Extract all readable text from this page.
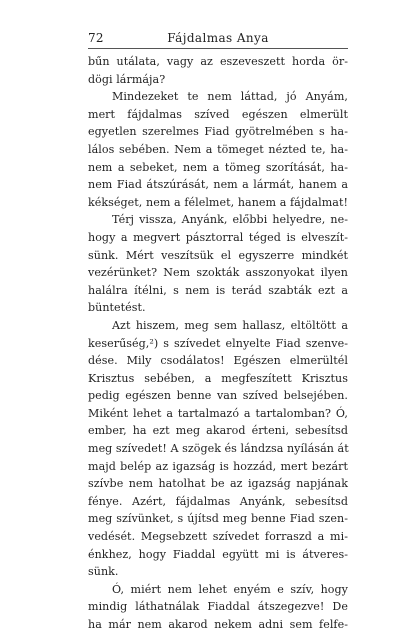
72	Fájdalmas Anya
bűn utálata, vagy az eszeveszett horda ör-
dögi lármája?
Mindezeket te nem láttad, jó Anyám,
mert fájdalmas szíved egészen elmerült
egyetlen szerelmes Fiad gyötrelmében s ha-
lálos sebében. Nem a tömeget nézted te, ha-
nem a sebeket, nem a tömeg szorítását, ha-
nem Fiad átszúrását, nem a lármát, hanem a
kékséget, nem a félelmet, hanem a fájdalmat!
Térj vissza, Anyánk, előbbi helyedre, ne-
hogy a megvert pásztorral téged is elveszít-
sünk. Mért veszítsük el egyszerre mindkét
vezérünket? Nem szokták asszonyokat ilyen
halálra ítélni, s nem is terád szabták ezt a
büntetést.
Azt hiszem, meg sem hallasz, eltöltött a
keserűség,²) s szívedet elnyelte Fiad szenve-
dése. Mily csodálatos! Egészen elmerültél
Krisztus sebében, a megfeszített Krisztus
pedig egészen benne van szíved belsejében.
Miként lehet a tartalmazó a tartalomban? Ó,
ember, ha ezt meg akarod érteni, sebesítsd
meg szívedet! A szögek és lándzsa nyílásán át
majd belép az igazság is hozzád, mert bezárt
szívbe nem hatolhat be az igazság napjának
fénye. Azért, fájdalmas Anyánk, sebesítsd
meg szívünket, s újítsd meg benne Fiad szen-
vedését. Megsebzett szívedet forraszd a mi-
énkhez, hogy Fiaddal együtt mi is átveres-
sünk.
Ó, miért nem lehet enyém e szív, hogy
mindig láthatnálak Fiaddal átszegezve! De
ha már nem akarod nekem adni sem felfe-
